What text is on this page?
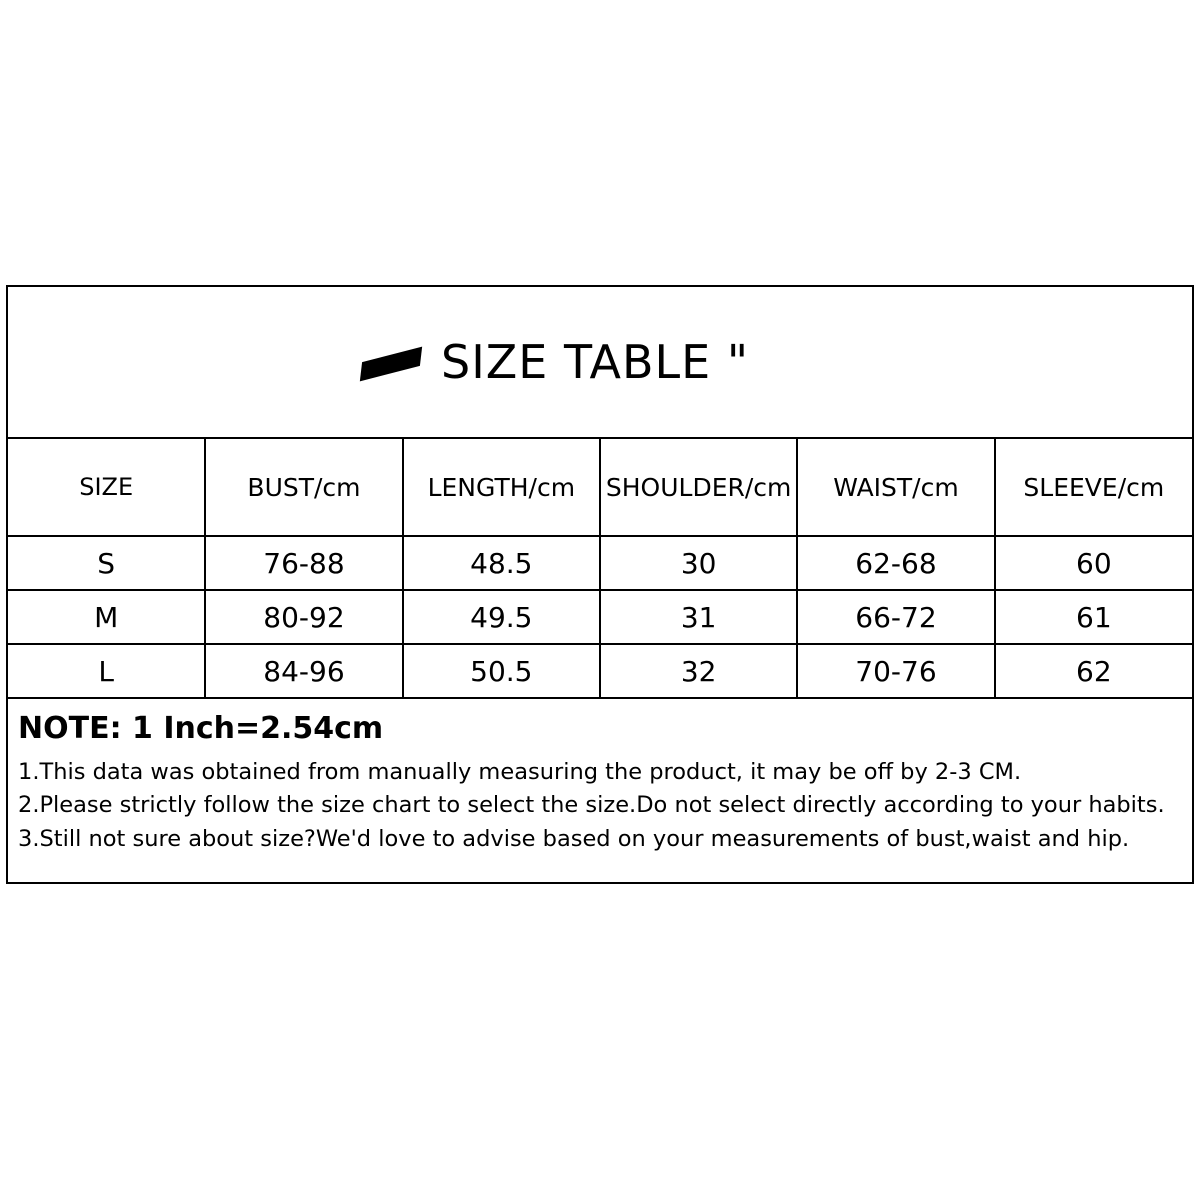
SIZE TABLE "
SIZE	BUST/cm	LENGTH/cm	SHOULDER/cm	WAIST/cm	SLEEVE/cm
S	76-88	48.5	30	62-68	60
M	80-92	49.5	31	66-72	61
L	84-96	50.5	32	70-76	62
NOTE: 1 Inch=2.54cm
1.This data was obtained from manually measuring the product, it may be off by 2-3 CM.
2.Please strictly follow the size chart to select the size.Do not select directly according to your habits.
3.Still not sure about size?We'd love to advise based on your measurements of bust,waist and hip.
